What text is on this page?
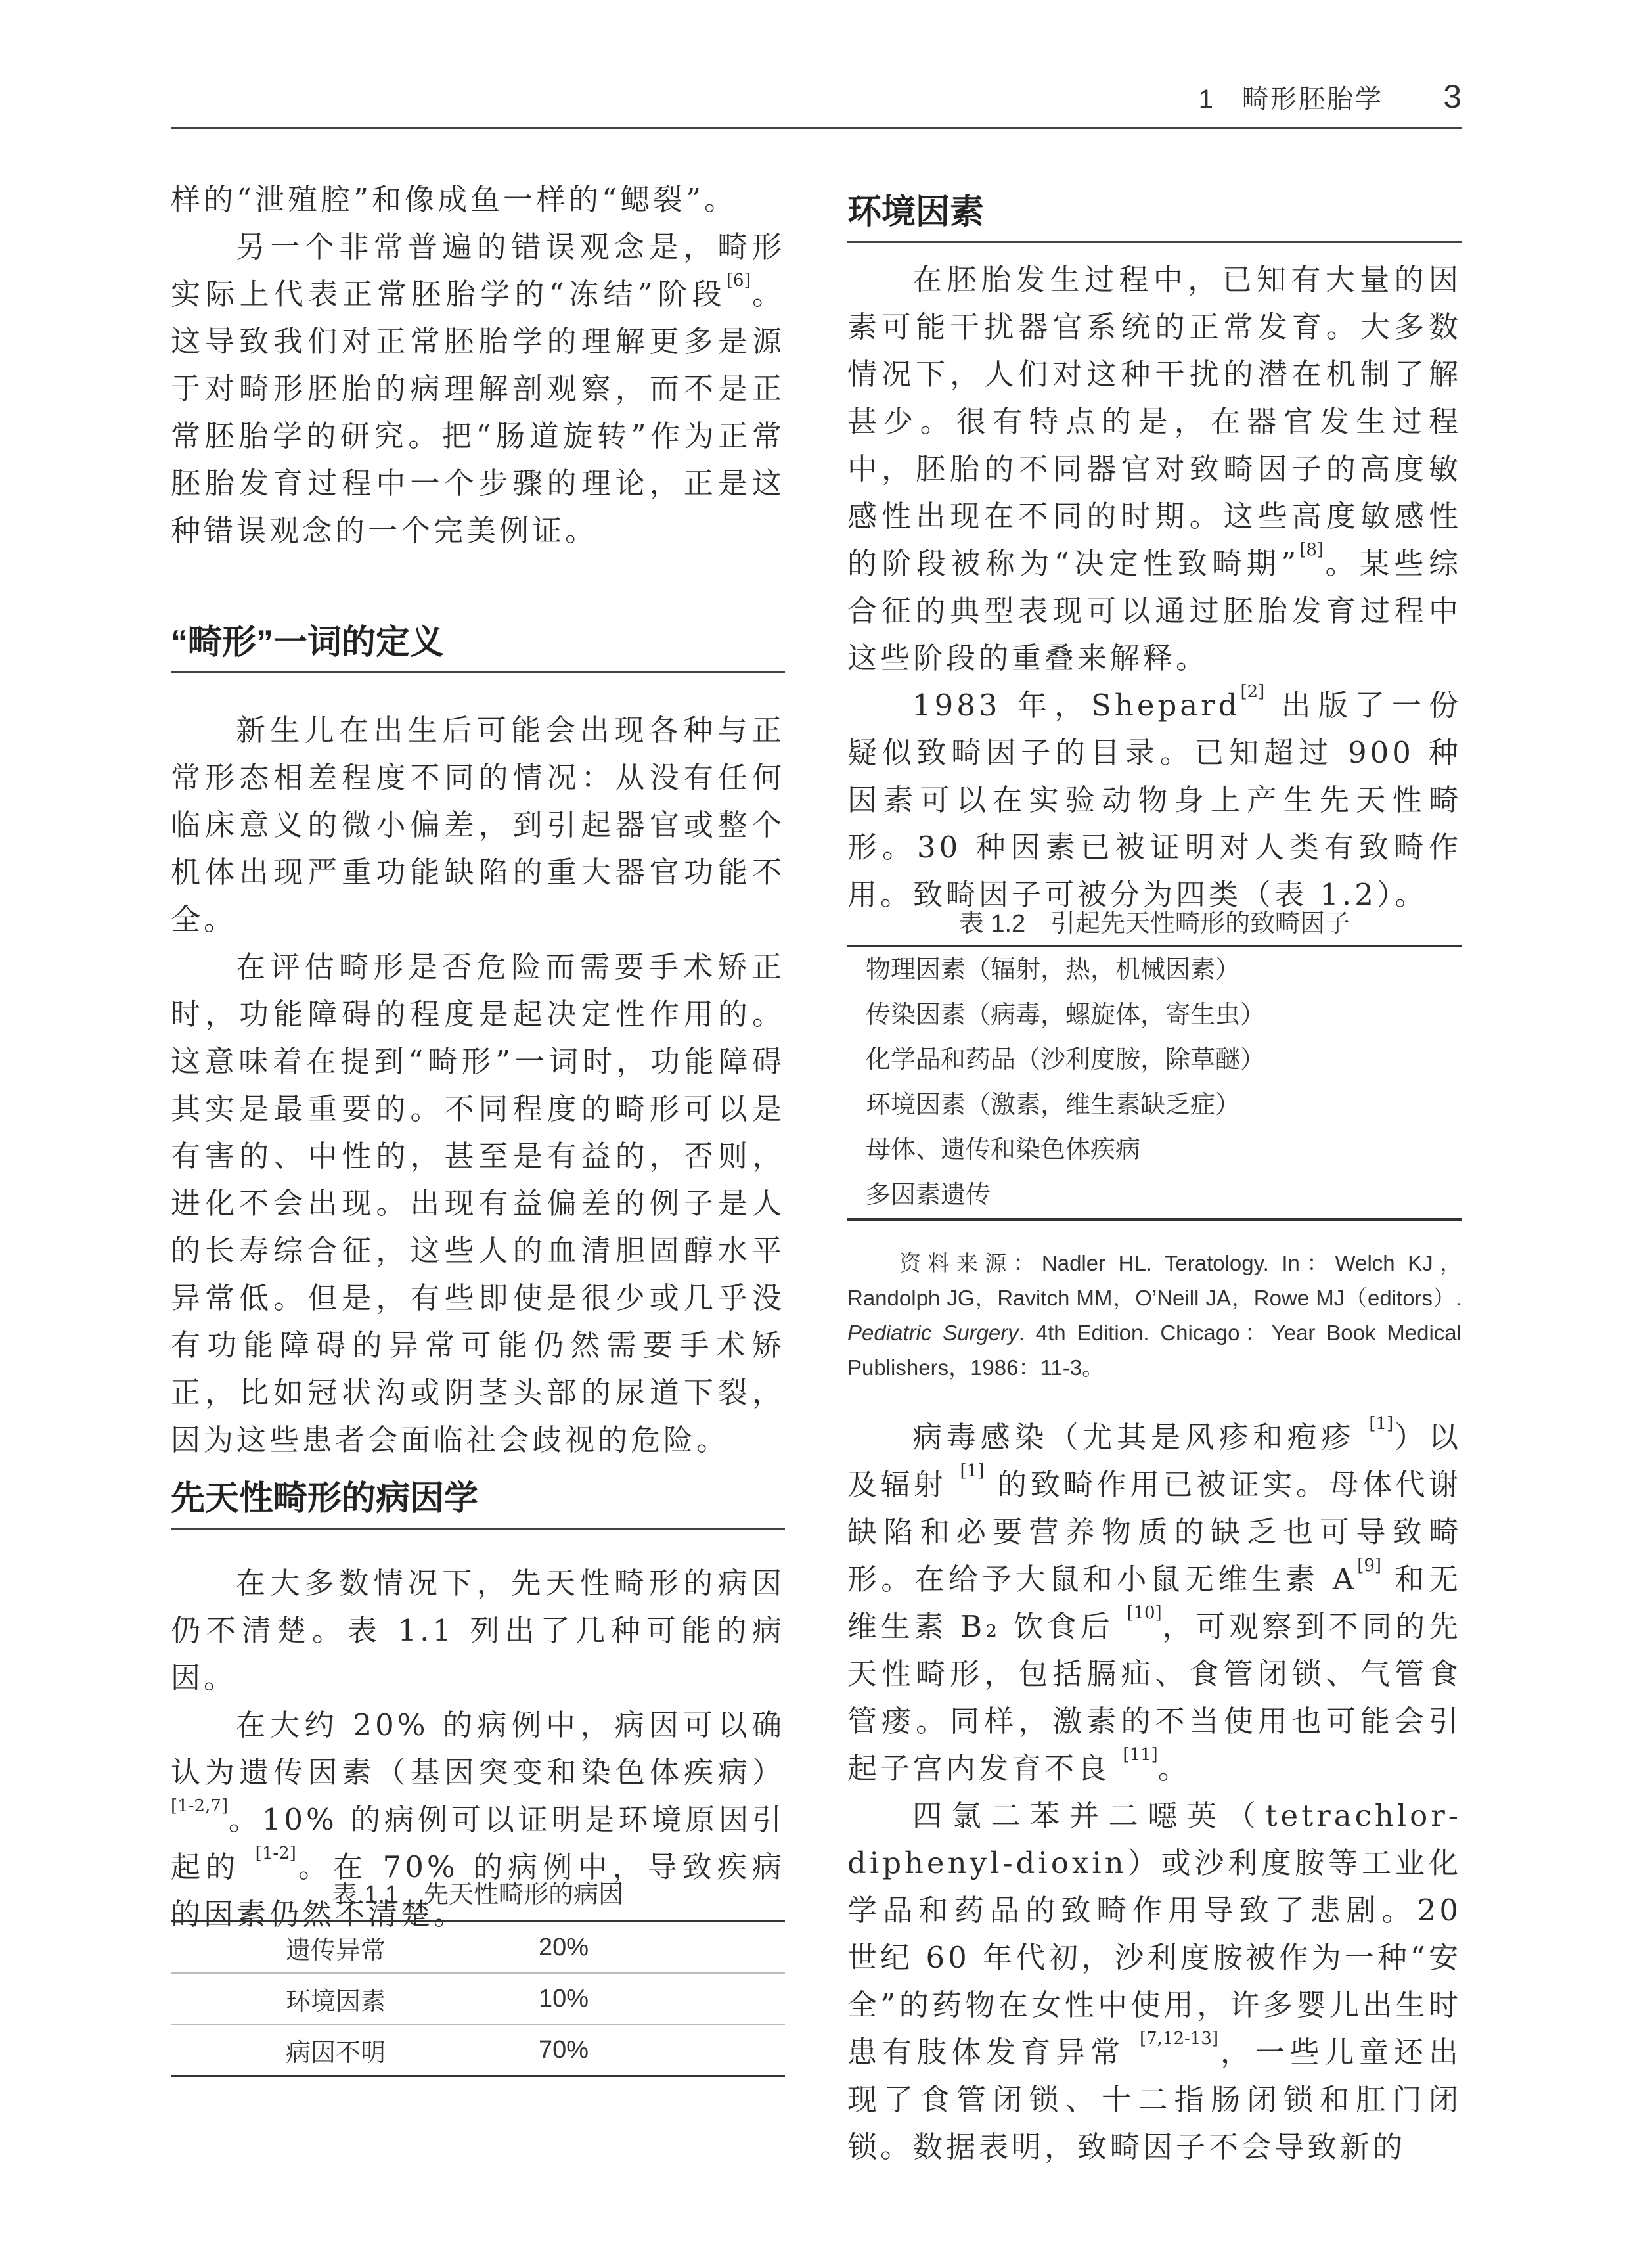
1 畸形胚胎学 3

样的“泄殖腔”和像成鱼一样的“鳃裂”。

另一个非常普遍的错误观念是，畸形实际上代表正常胚胎学的“冻结”阶段[6]。这导致我们对正常胚胎学的理解更多是源于对畸形胚胎的病理解剖观察，而不是正常胚胎学的研究。把“肠道旋转”作为正常胚胎发育过程中一个步骤的理论，正是这种错误观念的一个完美例证。

“畸形”一词的定义

新生儿在出生后可能会出现各种与正常形态相差程度不同的情况：从没有任何临床意义的微小偏差，到引起器官或整个机体出现严重功能缺陷的重大器官功能不全。

在评估畸形是否危险而需要手术矫正时，功能障碍的程度是起决定性作用的。这意味着在提到“畸形”一词时，功能障碍其实是最重要的。不同程度的畸形可以是有害的、中性的，甚至是有益的，否则，进化不会出现。出现有益偏差的例子是人的长寿综合征，这些人的血清胆固醇水平异常低。但是，有些即使是很少或几乎没有功能障碍的异常可能仍然需要手术矫正，比如冠状沟或阴茎头部的尿道下裂，因为这些患者会面临社会歧视的危险。

先天性畸形的病因学

在大多数情况下，先天性畸形的病因仍不清楚。表 1.1 列出了几种可能的病因。

在大约 20% 的病例中，病因可以确认为遗传因素（基因突变和染色体疾病）[1-2,7]。10% 的病例可以证明是环境原因引起的 [1-2]。在 70% 的病例中，导致疾病的因素仍然不清楚。

表 1.1　先天性畸形的病因
遗传异常	20%
环境因素	10%
病因不明	70%
环境因素

在胚胎发生过程中，已知有大量的因素可能干扰器官系统的正常发育。大多数情况下，人们对这种干扰的潜在机制了解甚少。很有特点的是，在器官发生过程中，胚胎的不同器官对致畸因子的高度敏感性出现在不同的时期。这些高度敏感性的阶段被称为“决定性致畸期”[8]。某些综合征的典型表现可以通过胚胎发育过程中这些阶段的重叠来解释。

1983 年，Shepard[2] 出版了一份疑似致畸因子的目录。已知超过 900 种因素可以在实验动物身上产生先天性畸形。30 种因素已被证明对人类有致畸作用。致畸因子可被分为四类（表 1.2）。

表 1.2　引起先天性畸形的致畸因子
物理因素（辐射，热，机械因素）
传染因素（病毒，螺旋体，寄生虫）
化学品和药品（沙利度胺，除草醚）
环境因素（激素，维生素缺乏症）
母体、遗传和染色体疾病
多因素遗传
资料来源：Nadler HL. Teratology. In：Welch KJ，Randolph JG，Ravitch MM，O’Neill JA，Rowe MJ（editors）. Pediatric Surgery. 4th Edition. Chicago：Year Book Medical Publishers，1986：11-3。

病毒感染（尤其是风疹和疱疹 [1]）以及辐射 [1] 的致畸作用已被证实。母体代谢缺陷和必要营养物质的缺乏也可导致畸形。在给予大鼠和小鼠无维生素 A[9] 和无维生素 B₂ 饮食后 [10]，可观察到不同的先天性畸形，包括膈疝、食管闭锁、气管食管瘘。同样，激素的不当使用也可能会引起子宫内发育不良 [11]。

四氯二苯并二噁英（tetrachlor-diphenyl-dioxin）或沙利度胺等工业化学品和药品的致畸作用导致了悲剧。20 世纪 60 年代初，沙利度胺被作为一种“安全”的药物在女性中使用，许多婴儿出生时患有肢体发育异常 [7,12-13]，一些儿童还出现了食管闭锁、十二指肠闭锁和肛门闭锁。数据表明，致畸因子不会导致新的
